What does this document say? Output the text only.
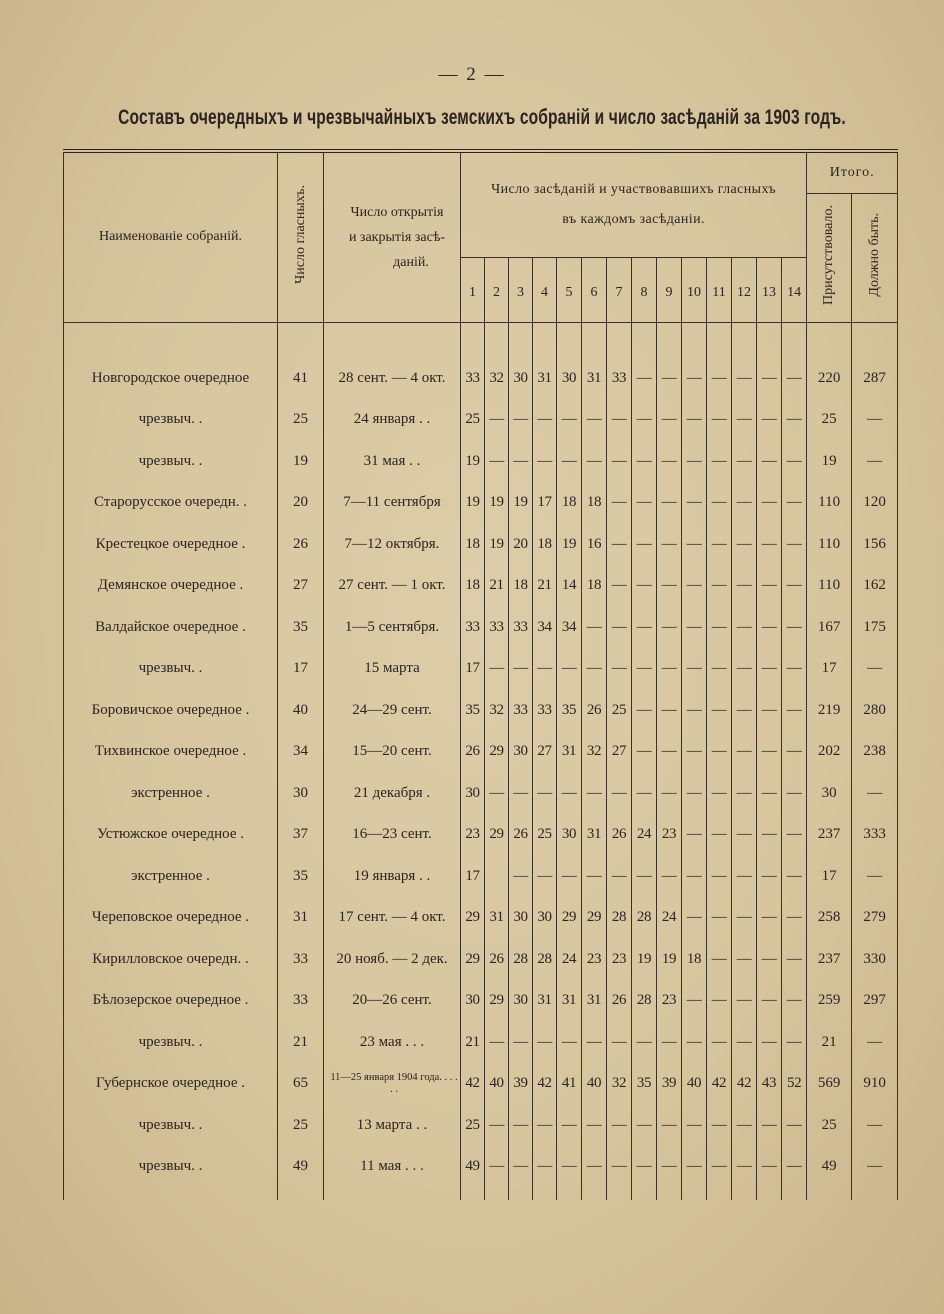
— 2 —
Составъ очередныхъ и чрезвычайныхъ земскихъ собраній и число засѣданій за 1903 годъ.
Наименованіе собраній.	Число гласныхъ.	Число открытія
и закрытія засѣ-
даній.	Число засѣданій и участвовавшихъ гласныхъ
въ каждомъ засѣданіи.														Итого.	
																	Присутствовало.	Должно быть.
			1	2	3	4	5	6	7	8	9	10	11	12	13	14		

Новгородское очередное	41	28 сент. — 4 окт.	33	32	30	31	30	31	33	—	—	—	—	—	—	—	220	287
чрезвыч. .	25	24 января . .	25	—	—	—	—	—	—	—	—	—	—	—	—	—	25	—
чрезвыч. .	19	31 мая . .	19	—	—	—	—	—	—	—	—	—	—	—	—	—	19	—
Старорусское очередн. .	20	7—11 сентября	19	19	19	17	18	18	—	—	—	—	—	—	—	—	110	120
Крестецкое очередное .	26	7—12 октября.	18	19	20	18	19	16	—	—	—	—	—	—	—	—	110	156
Демянское очередное .	27	27 сент. — 1 окт.	18	21	18	21	14	18	—	—	—	—	—	—	—	—	110	162
Валдайское очередное .	35	1—5 сентября.	33	33	33	34	34	—	—	—	—	—	—	—	—	—	167	175
чрезвыч. .	17	15 марта	17	—	—	—	—	—	—	—	—	—	—	—	—	—	17	—
Боровичское очередное .	40	24—29 сент.	35	32	33	33	35	26	25	—	—	—	—	—	—	—	219	280
Тихвинское очередное .	34	15—20 сент.	26	29	30	27	31	32	27	—	—	—	—	—	—	—	202	238
экстренное .	30	21 декабря .	30	—	—	—	—	—	—	—	—	—	—	—	—	—	30	—
Устюжское очередное .	37	16—23 сент.	23	29	26	25	30	31	26	24	23	—	—	—	—	—	237	333
экстренное .	35	19 января . .	17		—	—	—	—	—	—	—	—	—	—	—	—	17	—
Череповское очередное .	31	17 сент. — 4 окт.	29	31	30	30	29	29	28	28	24	—	—	—	—	—	258	279
Кирилловское очередн. .	33	20 нояб. — 2 дек.	29	26	28	28	24	23	23	19	19	18	—	—	—	—	237	330
Бѣлозерское очередное .	33	20—26 сент.	30	29	30	31	31	31	26	28	23	—	—	—	—	—	259	297
чрезвыч. .	21	23 мая . . .	21	—	—	—	—	—	—	—	—	—	—	—	—	—	21	—
Губернское очередное .	65	11—25 января 1904 года. . . . . .	42	40	39	42	41	40	32	35	39	40	42	42	43	52	569	910
чрезвыч. .	25	13 марта . .	25	—	—	—	—	—	—	—	—	—	—	—	—	—	25	—
чрезвыч. .	49	11 мая . . .	49	—	—	—	—	—	—	—	—	—	—	—	—	—	49	—
